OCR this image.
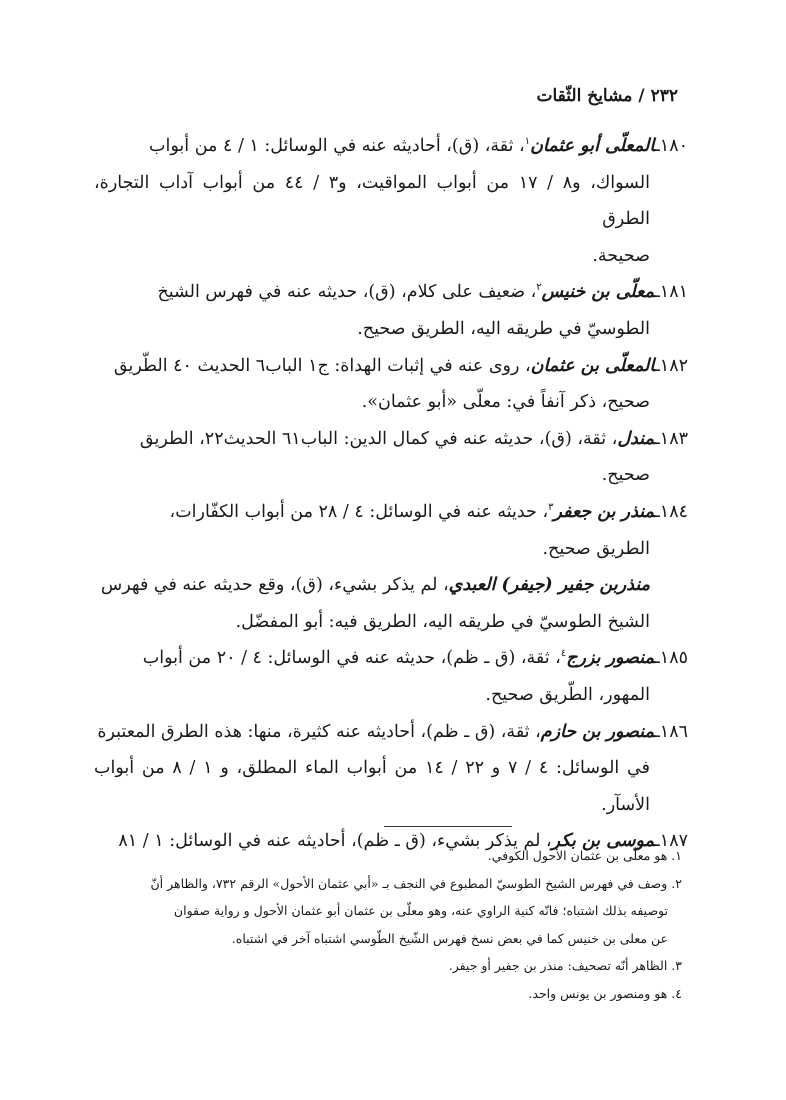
٢٣٢/مشايخ الثّقات

١٨٠ـالمعلّى أبو عثمان$^١$، ثقة، (ق)، أحاديثه عنه في الوسائل: ١ / ٤ من أبواب
السواك، و٨ / ١٧ من أبواب المواقيت، و٣ / ٤٤ من أبواب آداب التجارة، الطرق
صحيحة.

١٨١ـمعلّى بن خنيس$^٢$، ضعيف على كلام، (ق)، حديثه عنه في فهرس الشيخ
الطوسيّ في طريقه اليه، الطريق صحيح.

١٨٢ـالمعلّى بن عثمان، روى عنه في إثبات الهداة: ج١ الباب٦ الحديث ٤٠ الطّريق
صحيح، ذكر آنفاً في: معلّى «أبو عثمان».

١٨٣ـمندل، ثقة، (ق)، حديثه عنه في كمال الدين: الباب٦١ الحديث٢٢، الطريق
صحيح.

١٨٤ـمنذر بن جعفر$^٣$، حديثه عنه في الوسائل: ٤ / ٢٨ من أبواب الكفّارات،
الطريق صحيح.

منذربن جفير (جيفر) العبدي، لم يذكر بشيء، (ق)، وقع حديثه عنه في فهرس
الشيخ الطوسيّ في طريقه اليه، الطريق فيه: أبو المفضّل.

١٨٥ـمنصور بزرج$^٤$، ثقة، (ق ـ ظم)، حديثه عنه في الوسائل: ٤ / ٢٠ من أبواب
المهور، الطّريق صحيح.

١٨٦ـمنصور بن حازم، ثقة، (ق ـ ظم)، أحاديثه عنه كثيرة، منها: هذه الطرق المعتبرة
في الوسائل: ٤ / ٧ و ٢٢ / ١٤ من أبواب الماء المطلق، و ١ / ٨ من أبواب الأسآر.

١٨٧ـموسى بن بكر، لم يذكر بشيء، (ق ـ ظم)، أحاديثه عنه في الوسائل: ١ / ٨١

١. هو معلّى بن عثمان الأحول الكوفي.

٢. وصف في فهرس الشيخ الطوسيّ المطبوع في النجف بـ «أبي عثمان الأحول» الرقم ٧٣٢، والظاهر أنّ
توصيفه بذلك اشتباه؛ فانّه كنية الراوي عنه، وهو معلّى بن عثمان أبو عثمان الأحول و رواية صفوان
عن معلى بن خنيس كما في بعض نسخ فهرس الشّيخ الطّوسي اشتباه آخر في اشتباه.

٣. الظاهر أنّه تصحيف: منذر بن جفير أو جيفر.

٤. هو ومنصور بن يونس واحد.
